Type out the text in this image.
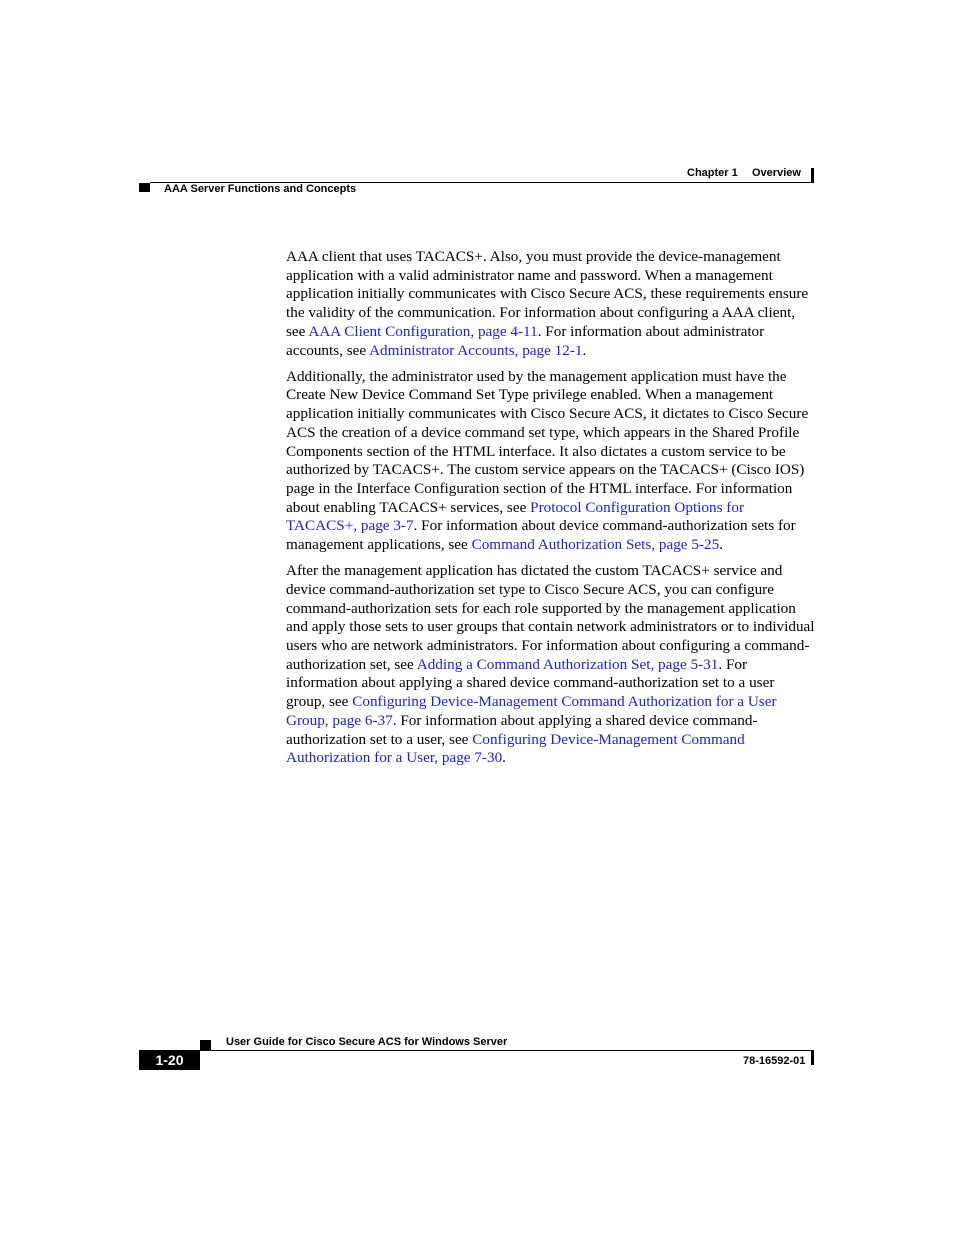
Chapter 1 Overview
AAA Server Functions and Concepts

AAA client that uses TACACS+. Also, you must provide the device-management application with a valid administrator name and password. When a management application initially communicates with Cisco Secure ACS, these requirements ensure the validity of the communication. For information about configuring a AAA client, see AAA Client Configuration, page 4-11. For information about administrator accounts, see Administrator Accounts, page 12-1.

Additionally, the administrator used by the management application must have the Create New Device Command Set Type privilege enabled. When a management application initially communicates with Cisco Secure ACS, it dictates to Cisco Secure ACS the creation of a device command set type, which appears in the Shared Profile Components section of the HTML interface. It also dictates a custom service to be authorized by TACACS+. The custom service appears on the TACACS+ (Cisco IOS) page in the Interface Configuration section of the HTML interface. For information about enabling TACACS+ services, see Protocol Configuration Options for TACACS+, page 3-7. For information about device command-authorization sets for management applications, see Command Authorization Sets, page 5-25.

After the management application has dictated the custom TACACS+ service and device command-authorization set type to Cisco Secure ACS, you can configure command-authorization sets for each role supported by the management application and apply those sets to user groups that contain network administrators or to individual users who are network administrators. For information about configuring a command-authorization set, see Adding a Command Authorization Set, page 5-31. For information about applying a shared device command-authorization set to a user group, see Configuring Device-Management Command Authorization for a User Group, page 6-37. For information about applying a shared device command-authorization set to a user, see Configuring Device-Management Command Authorization for a User, page 7-30.

User Guide for Cisco Secure ACS for Windows Server
1-20	78-16592-01
